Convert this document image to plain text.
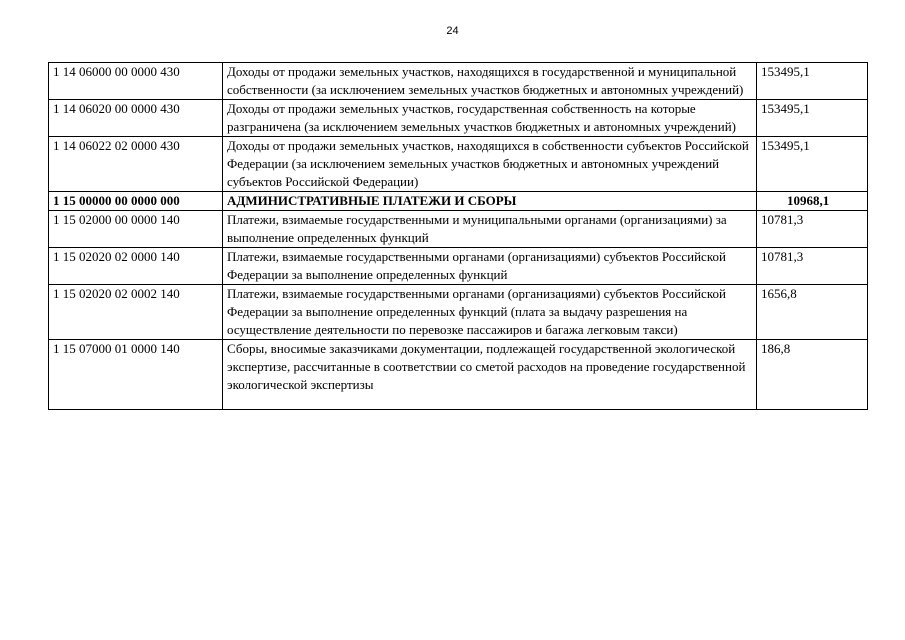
24
1 14 06000 00 0000 430	Доходы от продажи земельных участков, находящихся в государственной и муниципальной собственности (за исключением земельных участков бюджетных и автономных учреждений)	153495,1
1 14 06020 00 0000 430	Доходы от продажи земельных участков, государственная собственность на которые разграничена (за исключением земельных участков бюджетных и автономных учреждений)	153495,1
1 14 06022 02 0000 430	Доходы от продажи земельных участков, находящихся в собственности субъектов Российской Федерации (за исключением земельных участков бюджетных и автономных учреждений субъектов Российской Федерации)	153495,1
1 15 00000 00 0000 000	АДМИНИСТРАТИВНЫЕ ПЛАТЕЖИ И СБОРЫ	10968,1
1 15 02000 00 0000 140	Платежи, взимаемые государственными и муниципальными органами (организациями) за выполнение определенных функций	10781,3
1 15 02020 02 0000 140	Платежи, взимаемые государственными органами (организациями) субъектов Российской Федерации за выполнение определенных функций	10781,3
1 15 02020 02 0002 140	Платежи, взимаемые государственными органами (организациями) субъектов Российской Федерации за выполнение определенных функций (плата за выдачу разрешения на осуществление деятельности по перевозке пассажиров и багажа легковым такси)	1656,8
1 15 07000 01 0000 140	Сборы, вносимые заказчиками документации, подлежащей государственной экологической экспертизе, рассчитанные в соответствии со сметой расходов на проведение государственной экологической экспертизы	186,8
